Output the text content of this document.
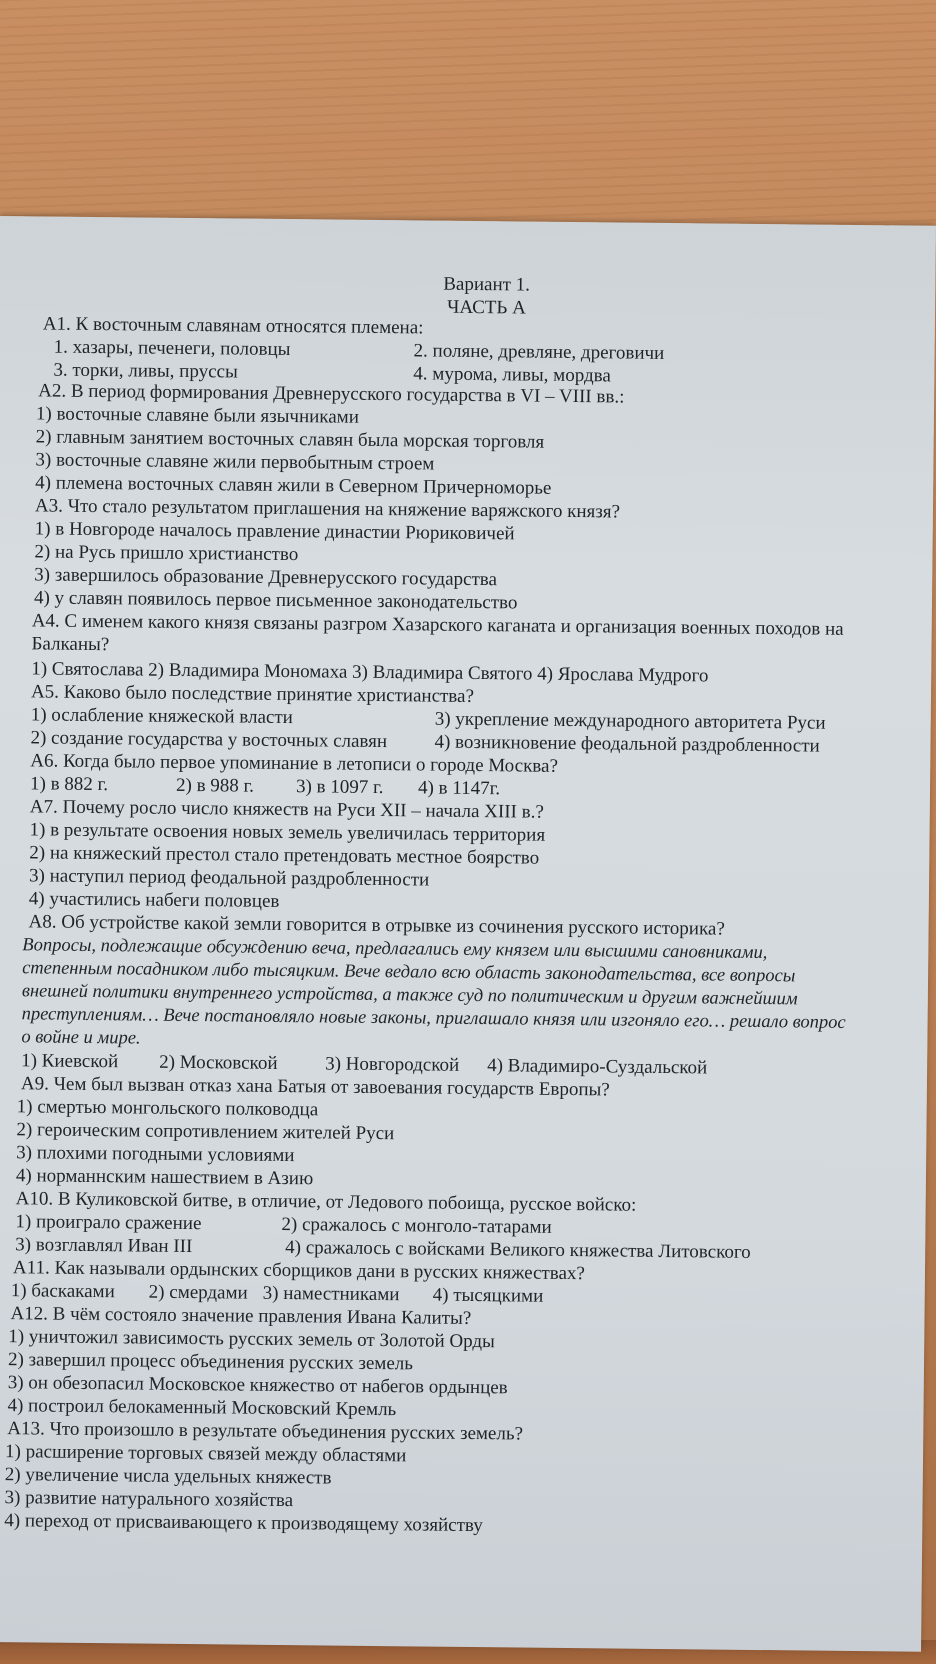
Вариант 1.
ЧАСТЬ А
А1. К восточным славянам относятся племена:
1. хазары, печенеги, половцы	2. поляне, древляне, дреговичи
3. торки, ливы, пруссы	4. мурома, ливы, мордва
А2. В период формирования Древнерусского государства в VI – VIII вв.:
1) восточные славяне были язычниками
2) главным занятием восточных славян была морская торговля
3) восточные славяне жили первобытным строем
4) племена восточных славян жили в Северном Причерноморье
А3. Что стало результатом приглашения на княжение варяжского князя?
1) в Новгороде началось правление династии Рюриковичей
2) на Русь пришло христианство
3) завершилось образование Древнерусского государства
4) у славян появилось первое письменное законодательство
А4. С именем какого князя связаны разгром Хазарского каганата и организация военных походов на
Балканы?
1) Святослава 2) Владимира Мономаха 3) Владимира Святого 4) Ярослава Мудрого
А5. Каково было последствие принятие христианства?
1) ослабление княжеской власти	3) укрепление международного авторитета Руси
2) создание государства у восточных славян 4) возникновение феодальной раздробленности
А6. Когда было первое упоминание в летописи о городе Москва?
1) в 882 г.	2) в 988 г. 3) в 1097 г. 4) в 1147г.
А7. Почему росло число княжеств на Руси XII – начала XIII в.?
1) в результате освоения новых земель увеличилась территория
2) на княжеский престол стало претендовать местное боярство
3) наступил период феодальной раздробленности
4) участились набеги половцев
А8. Об устройстве какой земли говорится в отрывке из сочинения русского историка?
Вопросы, подлежащие обсуждению веча, предлагались ему князем или высшими сановниками,
степенным посадником либо тысяцким. Вече ведало всю область законодательства, все вопросы
внешней политики внутреннего устройства, а также суд по политическим и другим важнейшим
преступлениям… Вече постановляло новые законы, приглашало князя или изгоняло его… решало вопрос
о войне и мире.
1) Киевской 2) Московской 3) Новгородской 4) Владимиро-Суздальской
А9. Чем был вызван отказ хана Батыя от завоевания государств Европы?
1) смертью монгольского полководца
2) героическим сопротивлением жителей Руси
3) плохими погодными условиями
4) норманнским нашествием в Азию
А10. В Куликовской битве, в отличие, от Ледового побоища, русское войско:
1) проиграло сражение	2) сражалось с монголо-татарами
3) возглавлял Иван III	4) сражалось с войсками Великого княжества Литовского
А11. Как называли ордынских сборщиков дани в русских княжествах?
1) баскаками 2) смердами 3) наместниками 4) тысяцкими
А12. В чём состояло значение правления Ивана Калиты?
1) уничтожил зависимость русских земель от Золотой Орды
2) завершил процесс объединения русских земель
3) он обезопасил Московское княжество от набегов ордынцев
4) построил белокаменный Московский Кремль
А13. Что произошло в результате объединения русских земель?
1) расширение торговых связей между областями
2) увеличение числа удельных княжеств
3) развитие натурального хозяйства
4) переход от присваивающего к производящему хозяйству
